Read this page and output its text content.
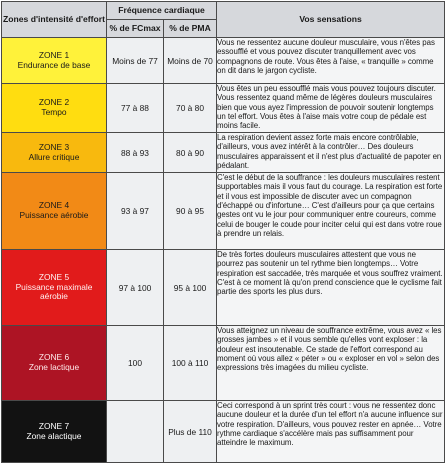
Zones d'intensité d'effort	Fréquence cardiaque		Vos sensations
	% de FCmax	% de PMA	

ZONE 1
Endurance de base	Moins de 77	Moins de 70	Vous ne ressentez aucune douleur musculaire, vous n'êtes pas essoufflé et vous pouvez discuter tranquillement avec vos compagnons de route. Vous êtes à l'aise, « tranquille » comme on dit dans le jargon cycliste.

ZONE 2
Tempo	77 à 88	70 à 80	Vous êtes un peu essoufflé mais vous pouvez toujours discuter. Vous ressentez quand même de légères douleurs musculaires bien que vous ayez l'impression de pouvoir soutenir longtemps un tel effort. Vous êtes à l'aise mais votre coup de pédale est moins facile.

ZONE 3
Allure critique	88 à 93	80 à 90	La respiration devient assez forte mais encore contrôlable, d'ailleurs, vous avez intérêt à la contrôler… Des douleurs musculaires apparaissent et il n'est plus d'actualité de papoter en pédalant.

ZONE 4
Puissance aérobie	93 à 97	90 à 95	C'est le début de la souffrance : les douleurs musculaires restent supportables mais il vous faut du courage. La respiration est forte et il vous est impossible de discuter avec un compagnon d'échappé ou d'infortune… C'est d'ailleurs pour ça que certains gestes ont vu le jour pour communiquer entre coureurs, comme celui de bouger le coude pour inciter celui qui est dans votre roue à prendre un relais.

ZONE 5
Puissance maximale aérobie	97 à 100	95 à 100	De très fortes douleurs musculaires attestent que vous ne pourrez pas soutenir un tel rythme bien longtemps… Votre respiration est saccadée, très marquée et vous souffrez vraiment. C'est à ce moment là qu'on prend conscience que le cyclisme fait partie des sports les plus durs.

ZONE 6
Zone lactique	100	100 à 110	Vous atteignez un niveau de souffrance extrême, vous avez « les grosses jambes » et il vous semble qu'elles vont exploser : la douleur est insoutenable. Ce stade de l'effort correspond au moment où vous allez « péter » ou « exploser en vol » selon des expressions très imagées du milieu cycliste.

ZONE 7
Zone alactique		Plus de 110	Ceci correspond à un sprint très court : vous ne ressentez donc aucune douleur et la durée d'un tel effort n'a aucune influence sur votre respiration. D'ailleurs, vous pouvez rester en apnée… Votre rythme cardiaque s'accélère mais pas suffisamment pour atteindre le maximum.
